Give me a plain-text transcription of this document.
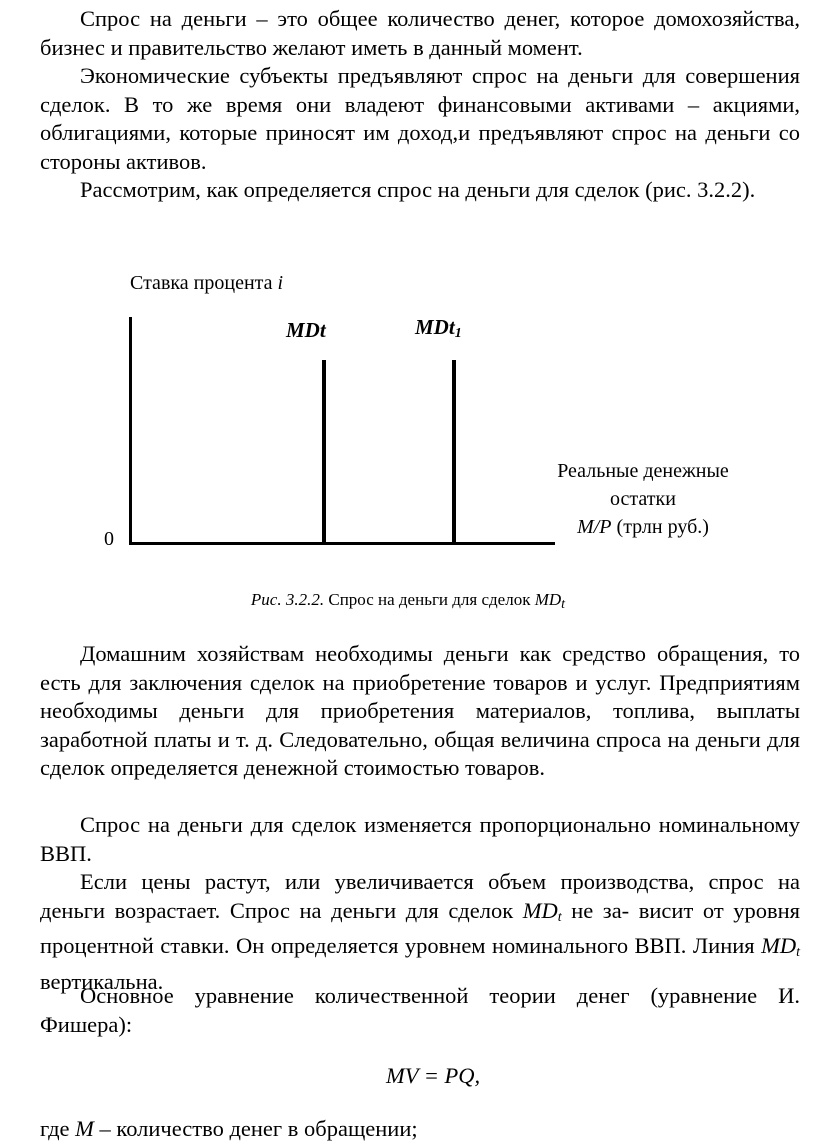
Спрос на деньги – это общее количество денег, которое домохозяйства, бизнес и правительство желают иметь в данный момент.

Экономические субъекты предъявляют спрос на деньги для совершения сделок. В то же время они владеют финансовыми активами – акциями, облигациями, которые приносят им доход,и предъявляют спрос на деньги со стороны активов.

Рассмотрим, как определяется спрос на деньги для сделок (рис. 3.2.2).

Ставка процента i

MDt	MDt$_1$

0

Реальные денежные
остатки
M/P (трлн руб.)

Рис. 3.2.2. Спрос на деньги для сделок $MD_t$

Домашним хозяйствам необходимы деньги как средство обращения, то есть для заключения сделок на приобретение товаров и услуг. Предприятиям необходимы деньги для приобретения материалов, топлива, выплаты заработной платы и т. д. Следовательно, общая величина спроса на деньги для сделок определяется денежной стоимостью товаров.

Спрос на деньги для сделок изменяется пропорционально номинальному ВВП.

Если цены растут, или увеличивается объем производства, спрос на деньги возрастает. Спрос на деньги для сделок $MD_t$ не за- висит от уровня процентной ставки. Он определяется уровнем номинального ВВП. Линия $MD_t$ вертикальна.

Основное уравнение количественной теории денег (уравнение И. Фишера):

MV = PQ,

где M – количество денег в обращении;
